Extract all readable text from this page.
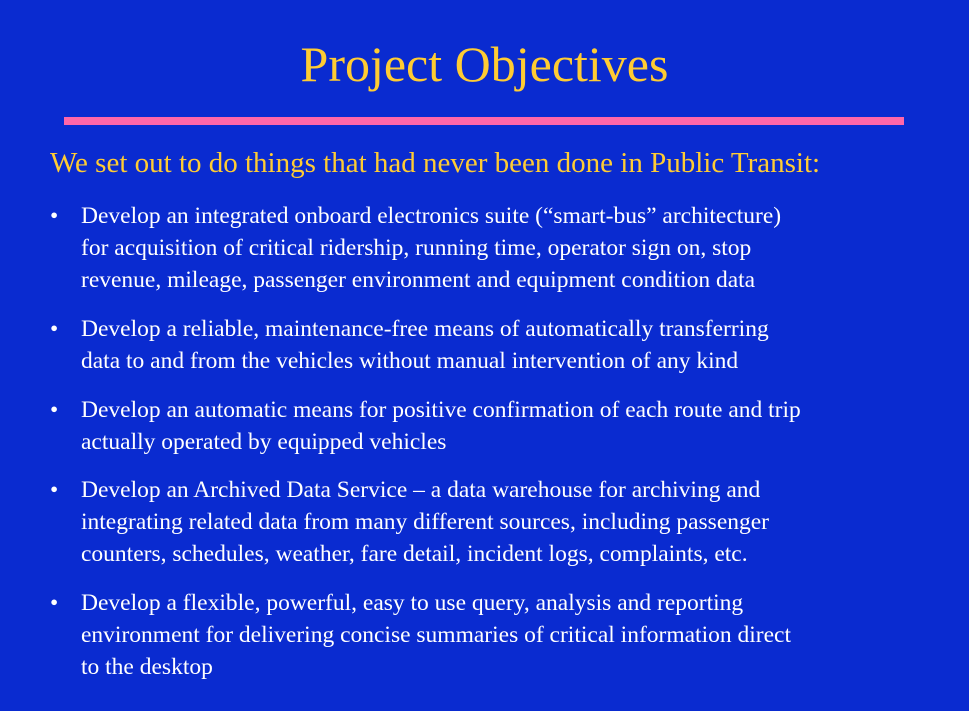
Project Objectives
We set out to do things that had never been done in Public Transit:
• Develop an integrated onboard electronics suite (“smart-bus” architecture)
for acquisition of critical ridership, running time, operator sign on, stop
revenue, mileage, passenger environment and equipment condition data
• Develop a reliable, maintenance-free means of automatically transferring
data to and from the vehicles without manual intervention of any kind
• Develop an automatic means for positive confirmation of each route and trip
actually operated by equipped vehicles
• Develop an Archived Data Service – a data warehouse for archiving and
integrating related data from many different sources, including passenger
counters, schedules, weather, fare detail, incident logs, complaints, etc.
• Develop a flexible, powerful, easy to use query, analysis and reporting
environment for delivering concise summaries of critical information direct
to the desktop
